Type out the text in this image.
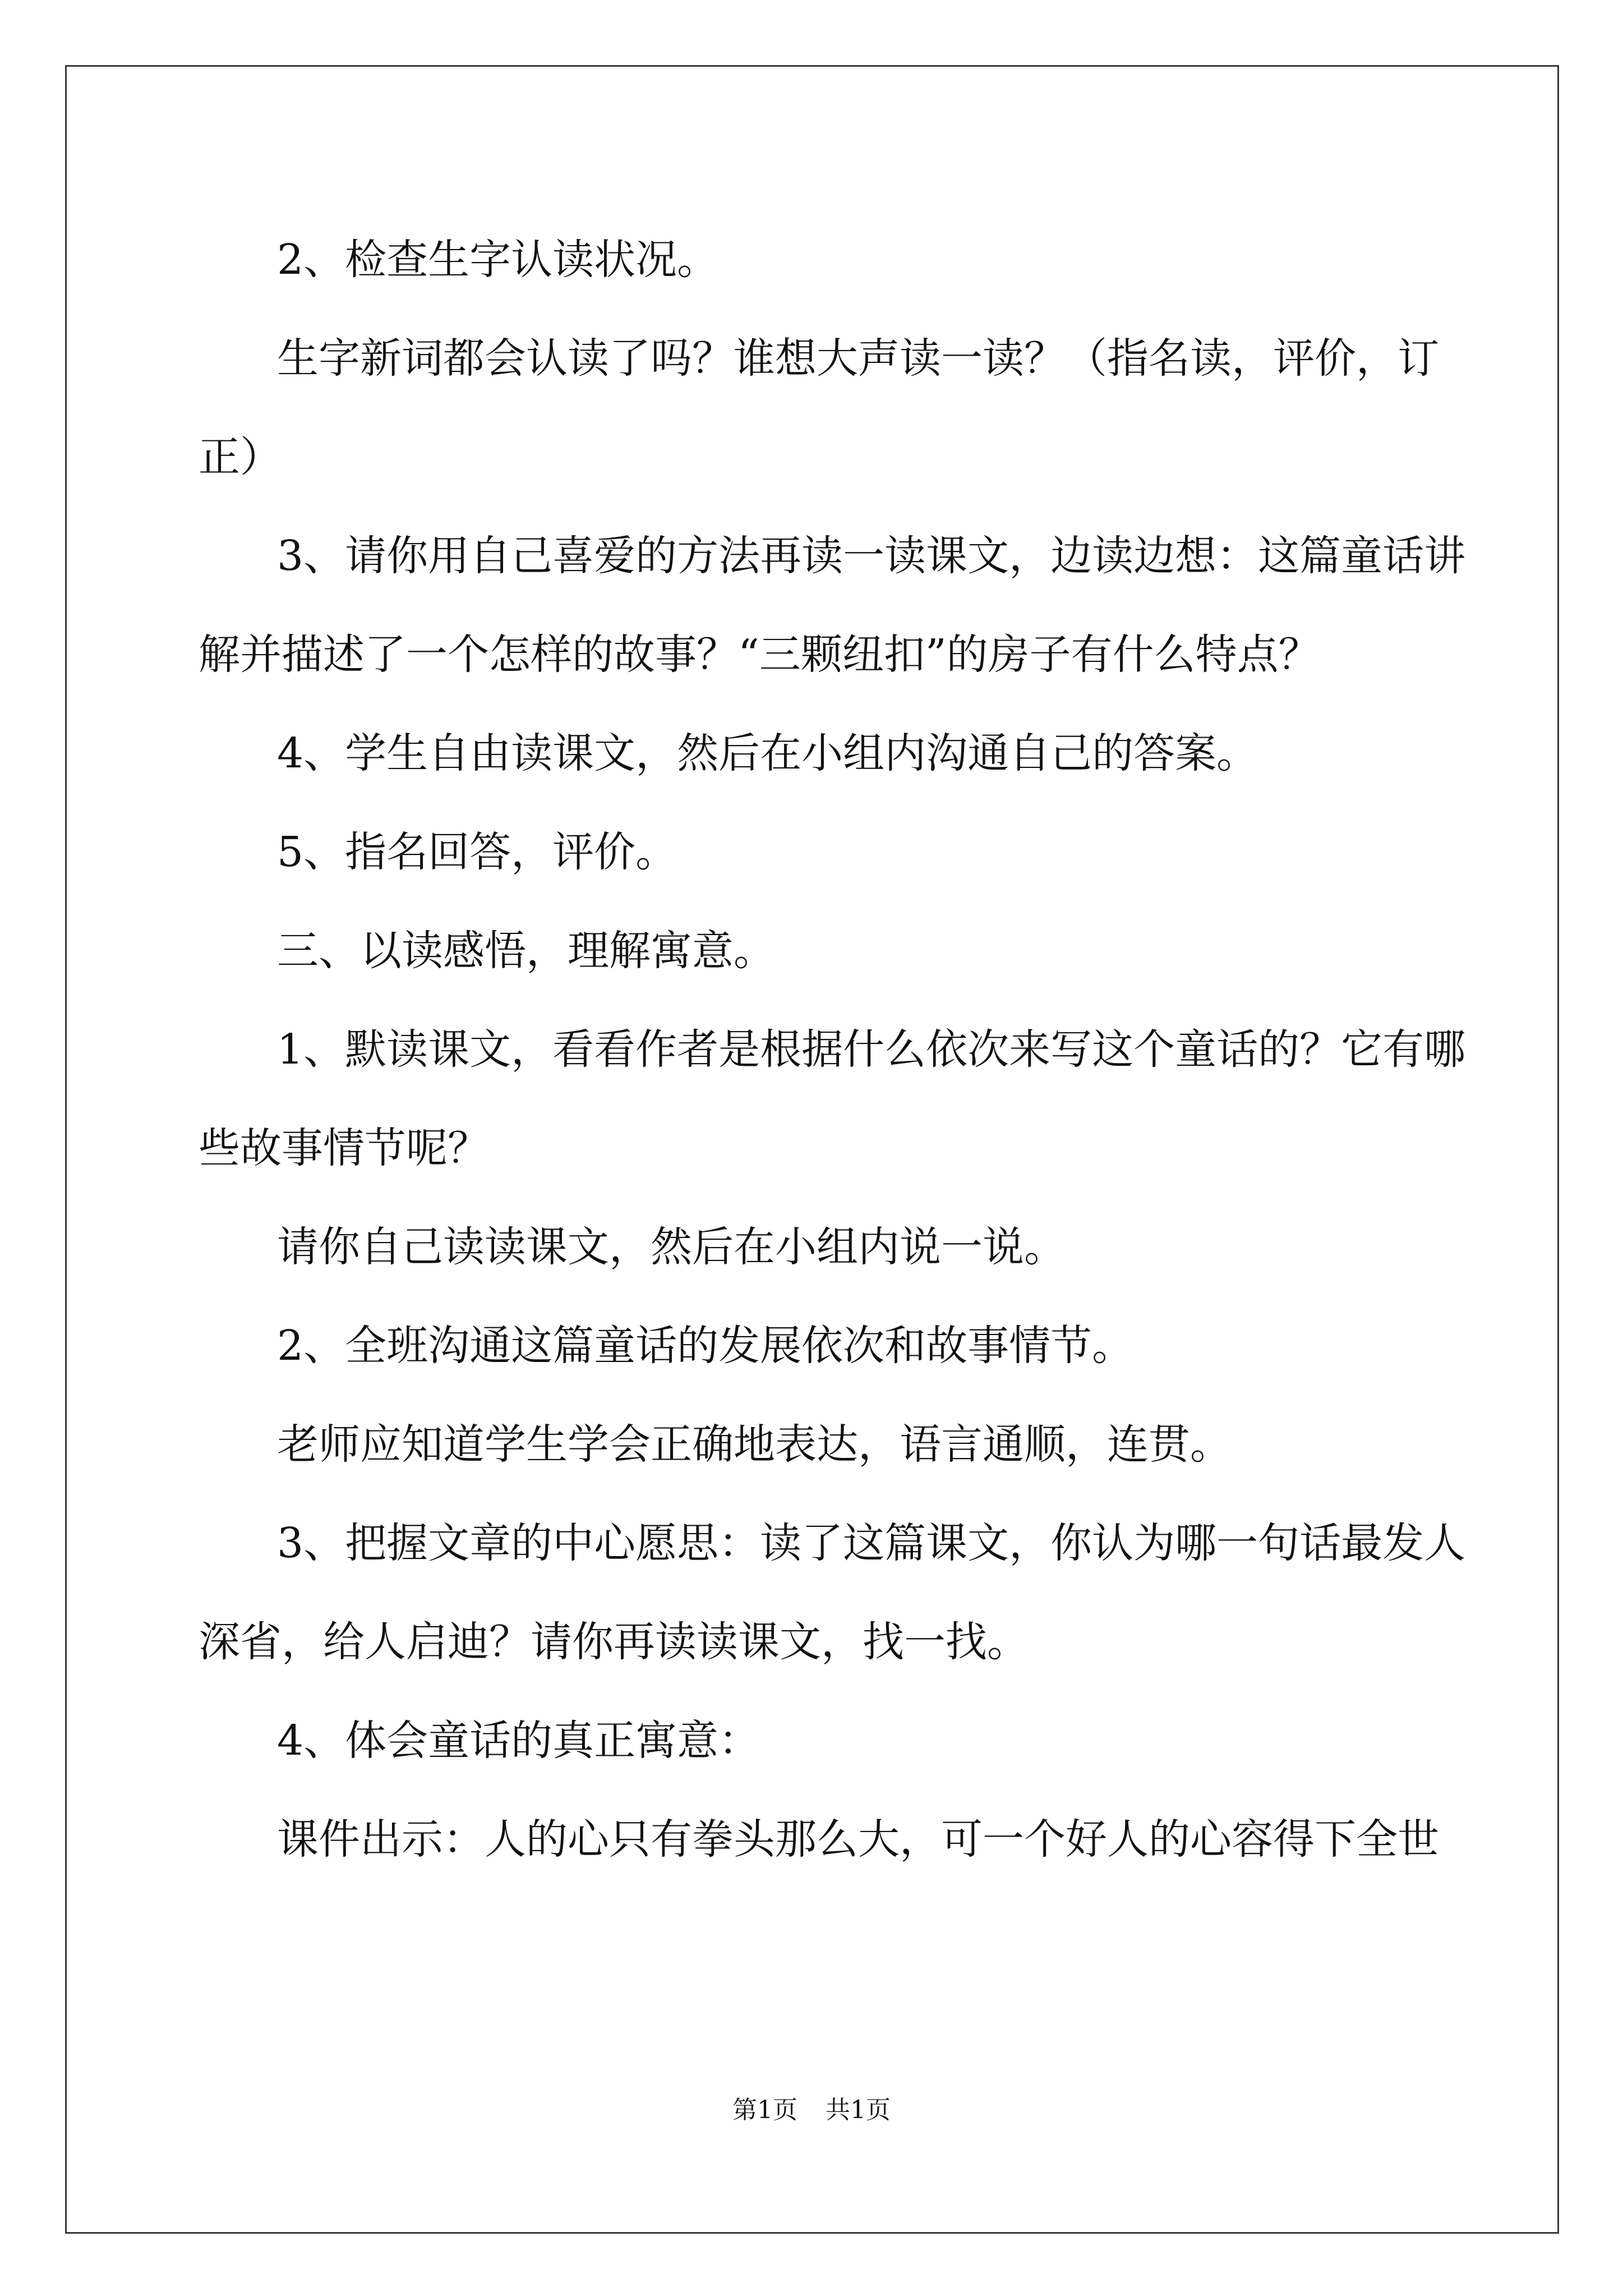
2、检查生字认读状况。

生字新词都会认读了吗？谁想大声读一读？（指名读，评价，订
正）

3、请你用自己喜爱的方法再读一读课文，边读边想：这篇童话讲
解并描述了一个怎样的故事？“三颗纽扣”的房子有什么特点？

4、学生自由读课文，然后在小组内沟通自己的答案。

5、指名回答，评价。

三、以读感悟，理解寓意。

1、默读课文，看看作者是根据什么依次来写这个童话的？它有哪
些故事情节呢？

请你自己读读课文，然后在小组内说一说。

2、全班沟通这篇童话的发展依次和故事情节。

老师应知道学生学会正确地表达，语言通顺，连贯。

3、把握文章的中心愿思：读了这篇课文，你认为哪一句话最发人
深省，给人启迪？请你再读读课文，找一找。

4、体会童话的真正寓意：

课件出示：人的心只有拳头那么大，可一个好人的心容得下全世

第1页 共1页
